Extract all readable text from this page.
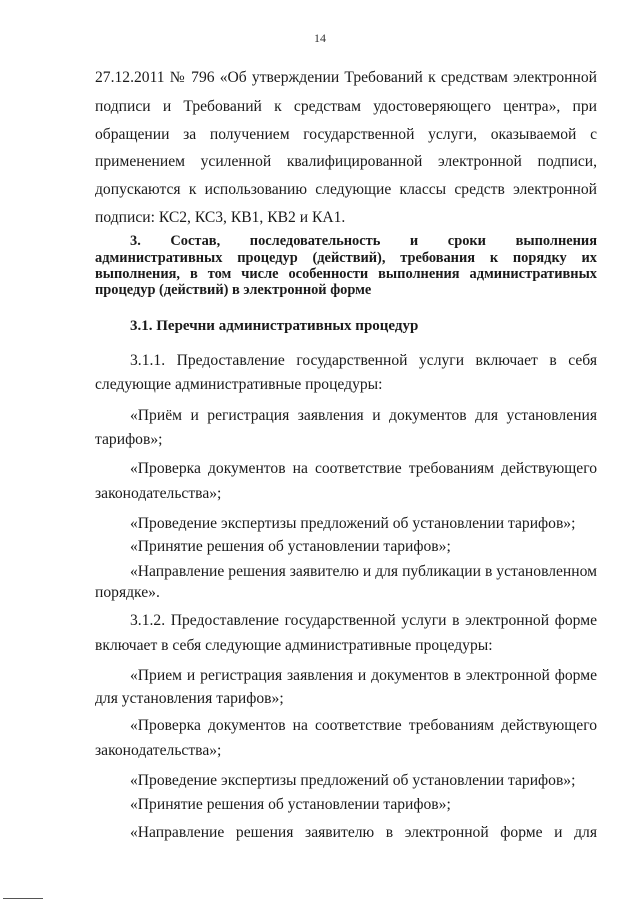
14
27.12.2011 № 796 «Об утверждении Требований к средствам электронной
подписи и Требований к средствам удостоверяющего центра», при
обращении за получением государственной услуги, оказываемой с
применением усиленной квалифицированной электронной подписи,
допускаются к использованию следующие классы средств электронной
подписи: КС2, КС3, КВ1, КВ2 и КА1.
3. Состав, последовательность и сроки выполнения
административных процедур (действий), требования к порядку их
выполнения, в том числе особенности выполнения административных
процедур (действий) в электронной форме
3.1. Перечни административных процедур
3.1.1. Предоставление государственной услуги включает в себя
следующие административные процедуры:
«Приём и регистрация заявления и документов для установления
тарифов»;
«Проверка документов на соответствие требованиям действующего
законодательства»;
«Проведение экспертизы предложений об установлении тарифов»;
«Принятие решения об установлении тарифов»;
«Направление решения заявителю и для публикации в установленном
порядке».
3.1.2. Предоставление государственной услуги в электронной форме
включает в себя следующие административные процедуры:
«Прием и регистрация заявления и документов в электронной форме
для установления тарифов»;
«Проверка документов на соответствие требованиям действующего
законодательства»;
«Проведение экспертизы предложений об установлении тарифов»;
«Принятие решения об установлении тарифов»;
«Направление решения заявителю в электронной форме и для
